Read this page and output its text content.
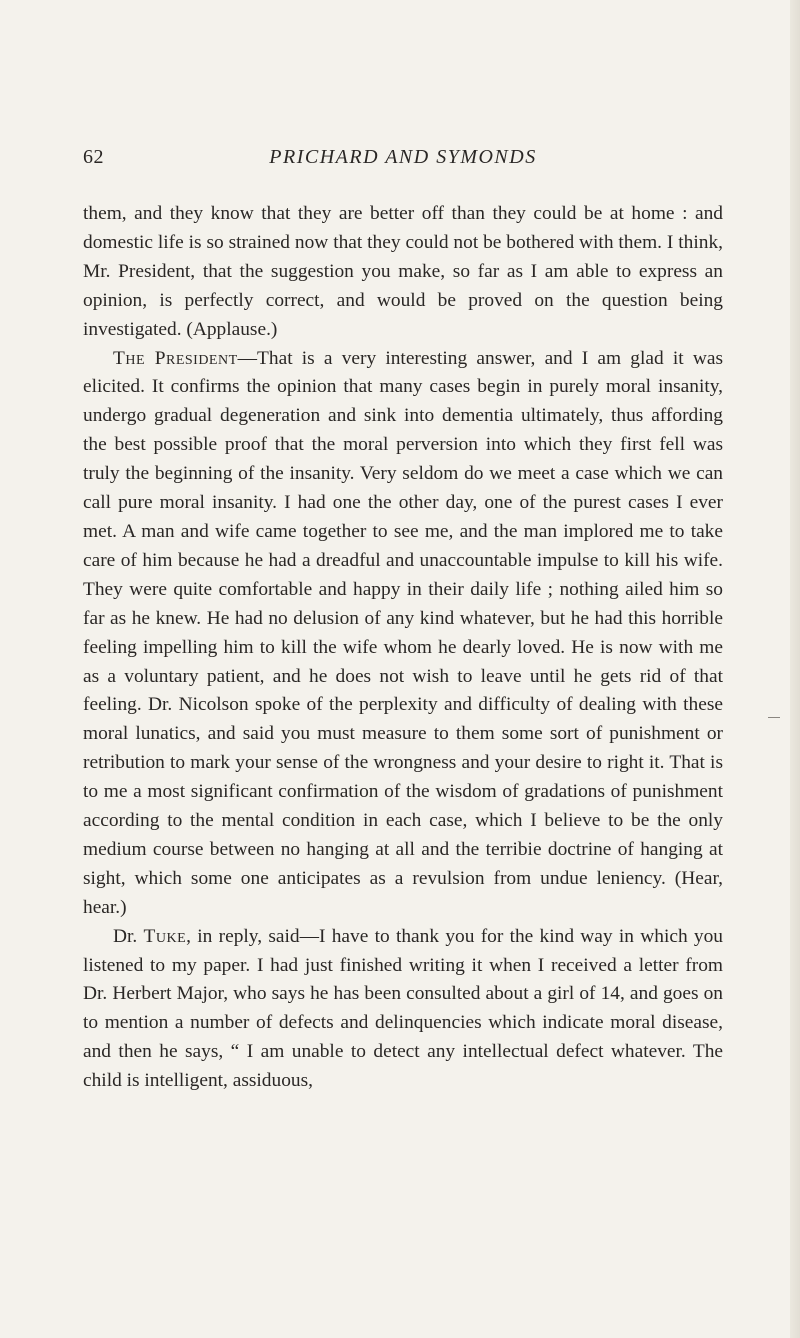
62	PRICHARD AND SYMONDS

them, and they know that they are better off than they could be at home : and domestic life is so strained now that they could not be bothered with them. I think, Mr. President, that the suggestion you make, so far as I am able to express an opinion, is perfectly correct, and would be proved on the question being investigated. (Applause.)

The President—That is a very interesting answer, and I am glad it was elicited. It confirms the opinion that many cases begin in purely moral insanity, undergo gradual degeneration and sink into dementia ultimately, thus affording the best possible proof that the moral perversion into which they first fell was truly the beginning of the insanity. Very seldom do we meet a case which we can call pure moral insanity. I had one the other day, one of the purest cases I ever met. A man and wife came together to see me, and the man implored me to take care of him because he had a dreadful and unaccountable impulse to kill his wife. They were quite comfortable and happy in their daily life ; nothing ailed him so far as he knew. He had no delusion of any kind whatever, but he had this horrible feeling impelling him to kill the wife whom he dearly loved. He is now with me as a voluntary patient, and he does not wish to leave until he gets rid of that feeling. Dr. Nicolson spoke of the perplexity and difficulty of dealing with these moral lunatics, and said you must measure to them some sort of punishment or retribution to mark your sense of the wrongness and your desire to right it. That is to me a most significant confirmation of the wisdom of gradations of punishment according to the mental condition in each case, which I believe to be the only medium course between no hanging at all and the terribie doctrine of hanging at sight, which some one anticipates as a revulsion from undue leniency. (Hear, hear.)

Dr. Tuke, in reply, said—I have to thank you for the kind way in which you listened to my paper. I had just finished writing it when I received a letter from Dr. Herbert Major, who says he has been consulted about a girl of 14, and goes on to mention a number of defects and delinquencies which indicate moral disease, and then he says, “ I am unable to detect any intellectual defect whatever. The child is intelligent, assiduous,
